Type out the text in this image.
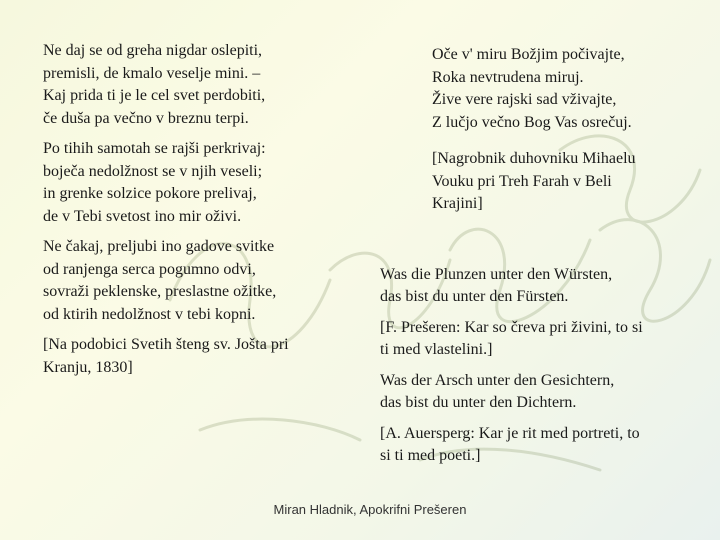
Ne daj se od greha nigdar oslepiti,
premisli, de kmalo veselje mini. –
Kaj prida ti je le cel svet perdobiti,
če duša pa večno v breznu terpi.

Po tihih samotah se rajši perkrivaj:
boječa nedolžnost se v njih veseli;
in grenke solzice pokore prelivaj,
de v Tebi svetost ino mir oživi.

Ne čakaj, preljubi ino gadove svitke
od ranjenga serca pogumno odvi,
sovraži peklenske, preslastne ožitke,
od ktirih nedolžnost v tebi kopni.

[Na podobici Svetih šteng sv. Jošta pri
Kranju, 1830]

Oče v' miru Božjim počivajte,
Roka nevtrudena miruj.
Žive vere rajski sad vživajte,
Z lučjo večno Bog Vas osrečuj.

[Nagrobnik duhovniku Mihaelu
Vouku pri Treh Farah v Beli
Krajini]

Was die Plunzen unter den Würsten,
das bist du unter den Fürsten.

[F. Prešeren: Kar so čreva pri živini, to si
ti med vlastelini.]

Was der Arsch unter den Gesichtern,
das bist du unter den Dichtern.

[A. Auersperg: Kar je rit med portreti, to
si ti med poeti.]

Miran Hladnik, Apokrifni Prešeren
